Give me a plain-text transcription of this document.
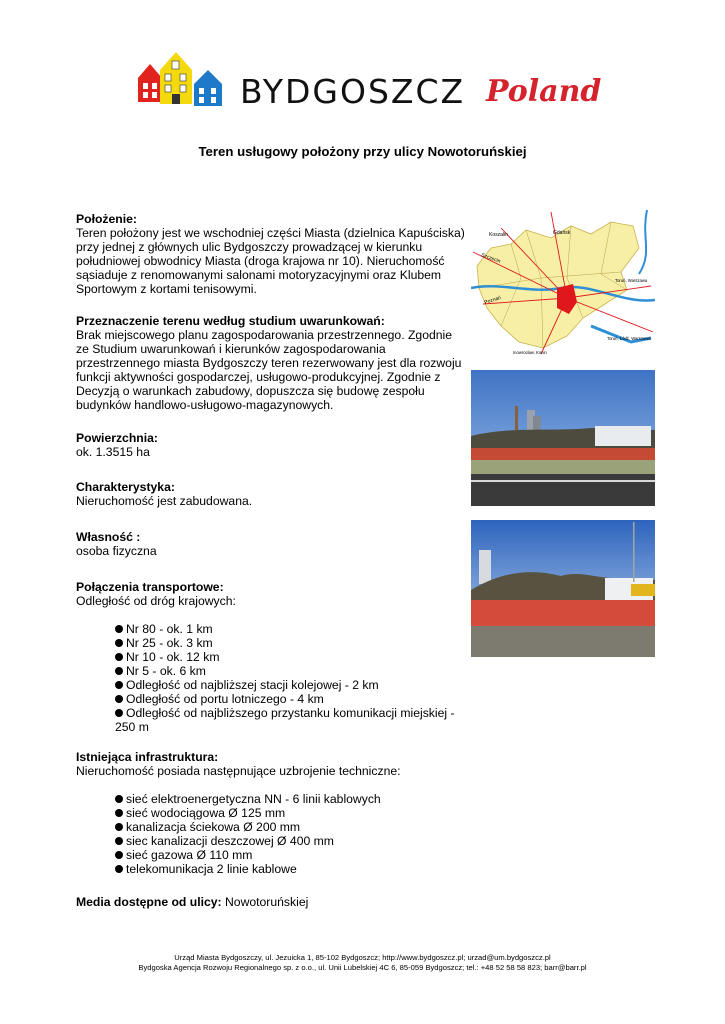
BYDGOSZCZ Poland
Teren usługowy położony przy ulicy Nowotoruńskiej
Położenie:

Teren położony jest we wschodniej części Miasta (dzielnica Kapuściska) przy jednej z głównych ulic Bydgoszczy prowadzącej w kierunku południowej obwodnicy Miasta (droga krajowa nr 10). Nieruchomość sąsiaduje z renomowanymi salonami motoryzacyjnymi oraz Klubem Sportowym z kortami tenisowymi.

Przeznaczenie terenu według studium uwarunkowań:

Brak miejscowego planu zagospodarowania przestrzennego. Zgodnie ze Studium uwarunkowań i kierunków zagospodarowania przestrzennego miasta Bydgoszczy teren rezerwowany jest dla rozwoju funkcji aktywności gospodarczej, usługowo-produkcyjnej. Zgodnie z Decyzją o warunkach zabudowy, dopuszcza się budowę zespołu budynków handlowo-usługowo-magazynowych.

Powierzchnia:

ok. 1.3515 ha

Charakterystyka:

Nieruchomość jest zabudowana.

Własność :

osoba fizyczna

Połączenia transportowe:

Odległość od dróg krajowych:

Nr 80 - ok. 1 km
Nr 25 - ok. 3 km
Nr 10 - ok. 12 km
Nr 5 - ok. 6 km
Odległość od najbliższej stacji kolejowej - 2 km
Odległość od portu lotniczego - 4 km
Odległość od najbliższego przystanku komunikacji miejskiej - 250 m
Istniejąca infrastruktura:

Nieruchomość posiada następnujące uzbrojenie techniczne:

sieć elektroenergetyczna NN - 6 linii kablowych
sieć wodociągowa Ø 125 mm
kanalizacja ściekowa Ø 200 mm
siec kanalizacji deszczowej Ø 400 mm
sieć gazowa Ø 110 mm
telekomunikacja 2 linie kablowe
Media dostępne od ulicy: Nowotoruńskiej
Koszalin	Gdańsk
Szczecin
Poznań
Toruń, Warszawa
Toruń, Łódź, Warszawa
Inowrocław, Konin
Urząd Miasta Bydgoszczy, ul. Jezuicka 1, 85-102 Bydgoszcz; http://www.bydgoszcz.pl; urzad@um.bydgoszcz.pl
Bydgoska Agencja Rozwoju Regionalnego sp. z o.o., ul. Unii Lubelskiej 4C 6, 85-059 Bydgoszcz; tel.: +48 52 58 58 823; barr@barr.pl
